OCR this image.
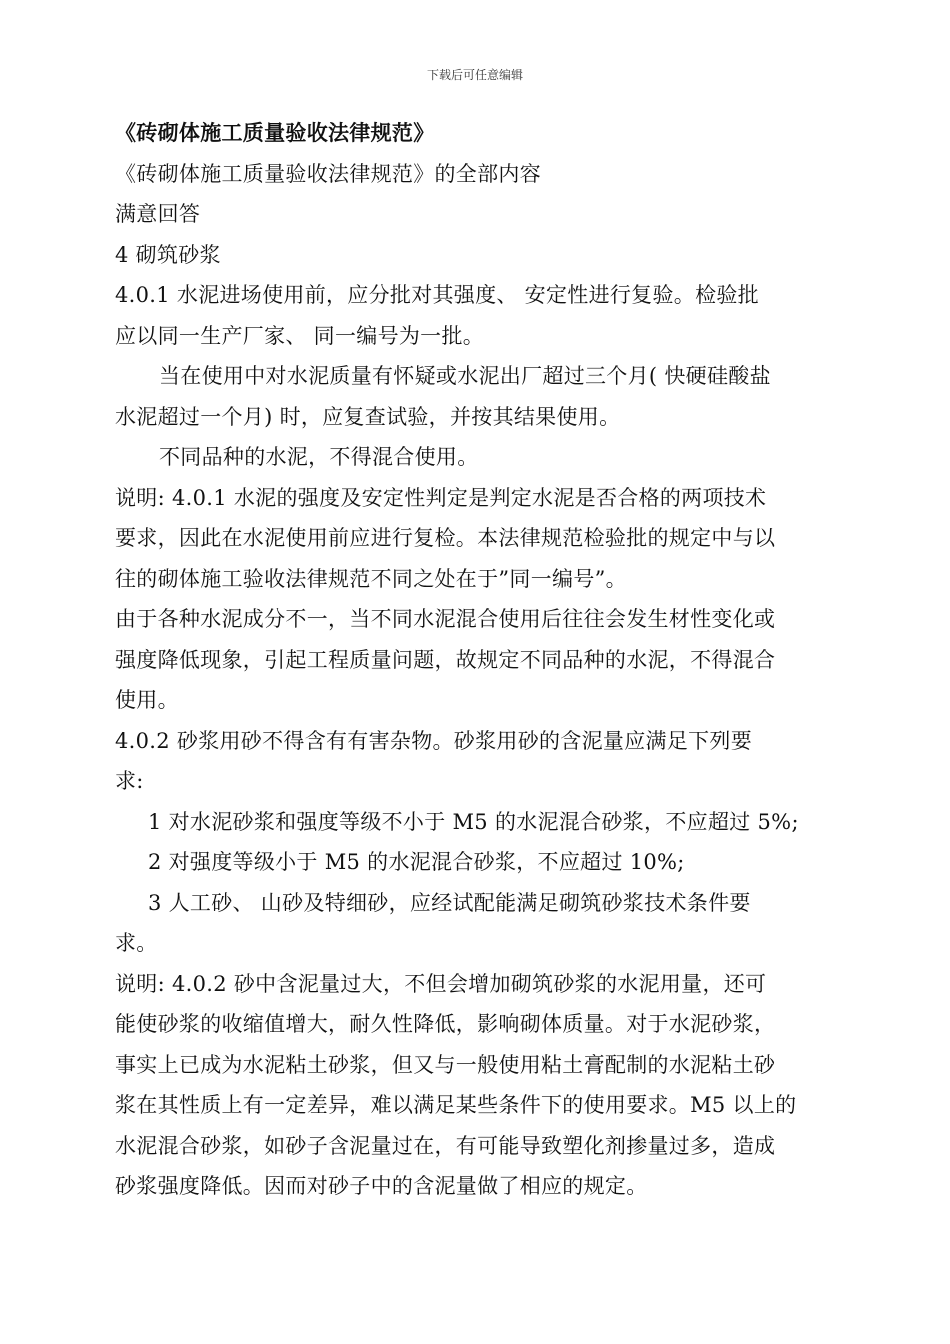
下载后可任意编辑
《砖砌体施工质量验收法律规范》
《砖砌体施工质量验收法律规范》的全部内容
满意回答
4 砌筑砂浆
4.0.1 水泥进场使用前，应分批对其强度、 安定性进行复验。检验批
应以同一生产厂家、 同一编号为一批。
当在使用中对水泥质量有怀疑或水泥出厂超过三个月( 快硬硅酸盐
水泥超过一个月) 时，应复查试验，并按其结果使用。
不同品种的水泥，不得混合使用。
说明: 4.0.1 水泥的强度及安定性判定是判定水泥是否合格的两项技术
要求，因此在水泥使用前应进行复检。本法律规范检验批的规定中与以
往的砌体施工验收法律规范不同之处在于”同一编号”。
由于各种水泥成分不一，当不同水泥混合使用后往往会发生材性变化或
强度降低现象，引起工程质量问题，故规定不同品种的水泥，不得混合
使用。
4.0.2 砂浆用砂不得含有有害杂物。砂浆用砂的含泥量应满足下列要
求:
1 对水泥砂浆和强度等级不小于 M5 的水泥混合砂浆，不应超过 5%;
2 对强度等级小于 M5 的水泥混合砂浆，不应超过 10%;
3 人工砂、 山砂及特细砂，应经试配能满足砌筑砂浆技术条件要
求。
说明: 4.0.2 砂中含泥量过大，不但会增加砌筑砂浆的水泥用量，还可
能使砂浆的收缩值增大，耐久性降低，影响砌体质量。对于水泥砂浆，
事实上已成为水泥粘土砂浆，但又与一般使用粘土膏配制的水泥粘土砂
浆在其性质上有一定差异，难以满足某些条件下的使用要求。M5 以上的
水泥混合砂浆，如砂子含泥量过在，有可能导致塑化剂掺量过多，造成
砂浆强度降低。因而对砂子中的含泥量做了相应的规定。
